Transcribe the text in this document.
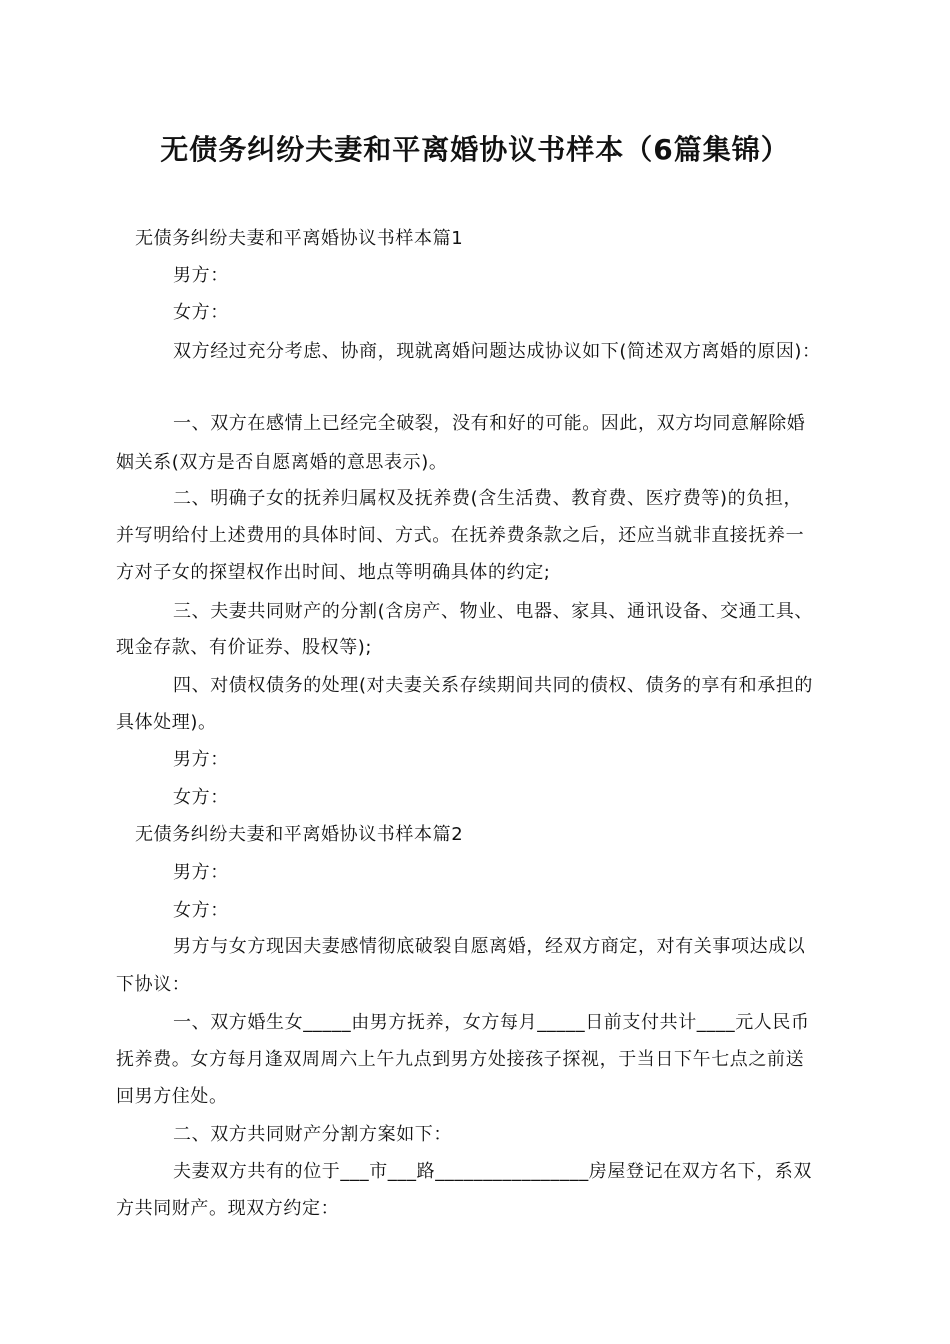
无债务纠纷夫妻和平离婚协议书样本（6篇集锦）
无债务纠纷夫妻和平离婚协议书样本篇1
男方：
女方：
双方经过充分考虑、协商，现就离婚问题达成协议如下(简述双方离婚的原因)：
一、双方在感情上已经完全破裂，没有和好的可能。因此，双方均同意解除婚
姻关系(双方是否自愿离婚的意思表示)。
二、明确子女的抚养归属权及抚养费(含生活费、教育费、医疗费等)的负担，
并写明给付上述费用的具体时间、方式。在抚养费条款之后，还应当就非直接抚养一
方对子女的探望权作出时间、地点等明确具体的约定;
三、夫妻共同财产的分割(含房产、物业、电器、家具、通讯设备、交通工具、
现金存款、有价证券、股权等);
四、对债权债务的处理(对夫妻关系存续期间共同的债权、债务的享有和承担的
具体处理)。
男方：
女方：
无债务纠纷夫妻和平离婚协议书样本篇2
男方：
女方：
男方与女方现因夫妻感情彻底破裂自愿离婚，经双方商定，对有关事项达成以
下协议：
一、双方婚生女_____由男方抚养，女方每月_____日前支付共计____元人民币
抚养费。女方每月逢双周周六上午九点到男方处接孩子探视，于当日下午七点之前送
回男方住处。
二、双方共同财产分割方案如下：
夫妻双方共有的位于___市___路________________房屋登记在双方名下，系双
方共同财产。现双方约定：
